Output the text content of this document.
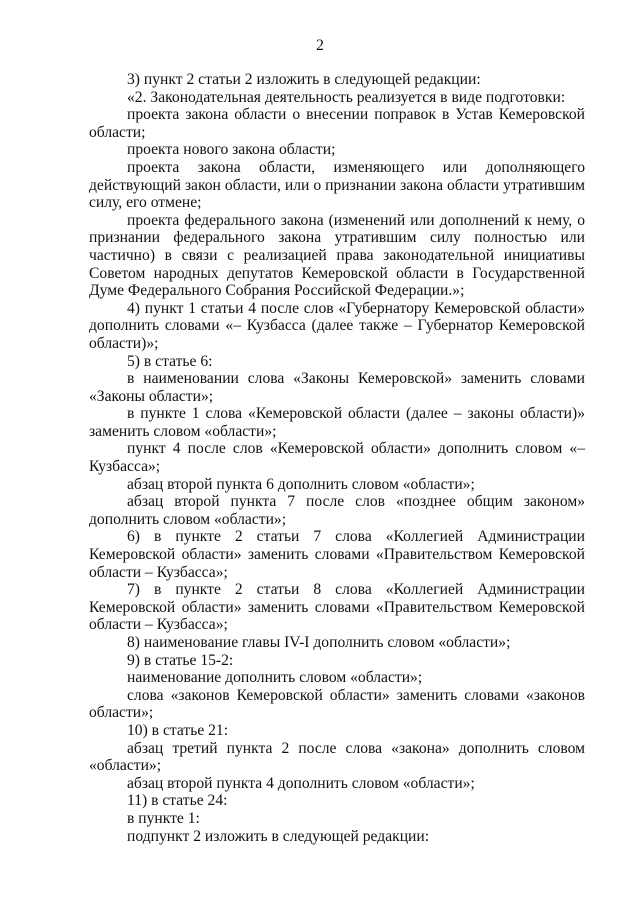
2

3) пункт 2 статьи 2 изложить в следующей редакции:

«2. Законодательная деятельность реализуется в виде подготовки:

проекта закона области о внесении поправок в Устав Кемеровской области;

проекта нового закона области;

проекта закона области, изменяющего или дополняющего действующий закон области, или о признании закона области утратившим силу, его отмене;

проекта федерального закона (изменений или дополнений к нему, о признании федерального закона утратившим силу полностью или частично) в связи с реализацией права законодательной инициативы Советом народных депутатов Кемеровской области в Государственной Думе Федерального Собрания Российской Федерации.»;

4) пункт 1 статьи 4 после слов «Губернатору Кемеровской области» дополнить словами «– Кузбасса (далее также – Губернатор Кемеровской области)»;

5) в статье 6:

в наименовании слова «Законы Кемеровской» заменить словами «Законы области»;

в пункте 1 слова «Кемеровской области (далее – законы области)» заменить словом «области»;

пункт 4 после слов «Кемеровской области» дополнить словом «– Кузбасса»;

абзац второй пункта 6 дополнить словом «области»;

абзац второй пункта 7 после слов «позднее общим законом» дополнить словом «области»;

6) в пункте 2 статьи 7 слова «Коллегией Администрации Кемеровской области» заменить словами «Правительством Кемеровской области – Кузбасса»;

7) в пункте 2 статьи 8 слова «Коллегией Администрации Кемеровской области» заменить словами «Правительством Кемеровской области – Кузбасса»;

8) наименование главы IV-I дополнить словом «области»;

9) в статье 15-2:

наименование дополнить словом «области»;

слова «законов Кемеровской области» заменить словами «законов области»;

10) в статье 21:

абзац третий пункта 2 после слова «закона» дополнить словом «области»;

абзац второй пункта 4 дополнить словом «области»;

11) в статье 24:

в пункте 1:

подпункт 2 изложить в следующей редакции:
